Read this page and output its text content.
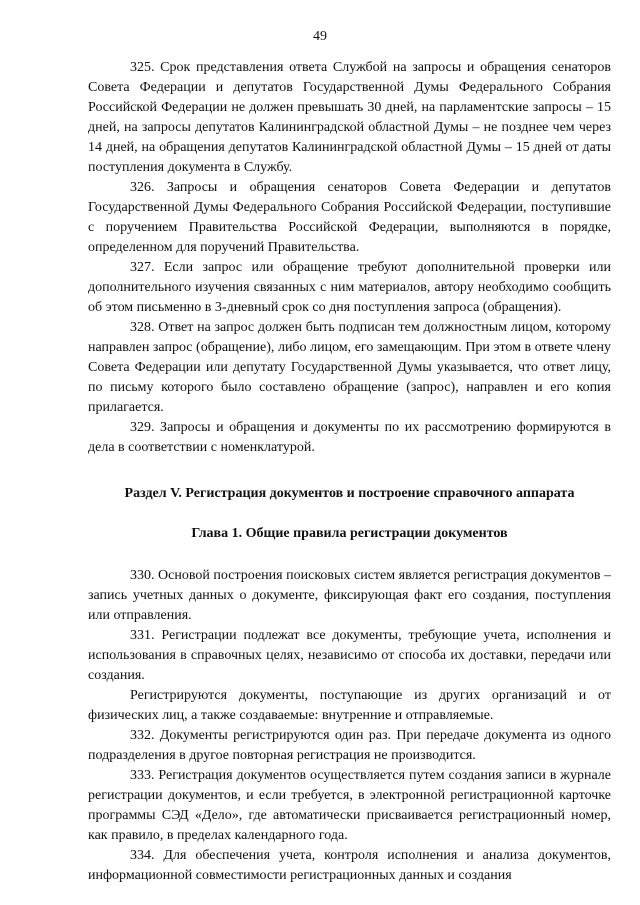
49

325. Срок представления ответа Службой на запросы и обращения сенаторов Совета Федерации и депутатов Государственной Думы Федерального Собрания Российской Федерации не должен превышать 30 дней, на парламентские запросы – 15 дней, на запросы депутатов Калининградской областной Думы – не позднее чем через 14 дней, на обращения депутатов Калининградской областной Думы – 15 дней от даты поступления документа в Службу.

326. Запросы и обращения сенаторов Совета Федерации и депутатов Государственной Думы Федерального Собрания Российской Федерации, поступившие с поручением Правительства Российской Федерации, выполняются в порядке, определенном для поручений Правительства.

327. Если запрос или обращение требуют дополнительной проверки или дополнительного изучения связанных с ним материалов, автору необходимо сообщить об этом письменно в 3-дневный срок со дня поступления запроса (обращения).

328. Ответ на запрос должен быть подписан тем должностным лицом, которому направлен запрос (обращение), либо лицом, его замещающим. При этом в ответе члену Совета Федерации или депутату Государственной Думы указывается, что ответ лицу, по письму которого было составлено обращение (запрос), направлен и его копия прилагается.

329. Запросы и обращения и документы по их рассмотрению формируются в дела в соответствии с номенклатурой.

Раздел V. Регистрация документов и построение справочного аппарата
Глава 1. Общие правила регистрации документов

330. Основой построения поисковых систем является регистрация документов – запись учетных данных о документе, фиксирующая факт его создания, поступления или отправления.

331. Регистрации подлежат все документы, требующие учета, исполнения и использования в справочных целях, независимо от способа их доставки, передачи или создания.

Регистрируются документы, поступающие из других организаций и от физических лиц, а также создаваемые: внутренние и отправляемые.

332. Документы регистрируются один раз. При передаче документа из одного подразделения в другое повторная регистрация не производится.

333. Регистрация документов осуществляется путем создания записи в журнале регистрации документов, и если требуется, в электронной регистрационной карточке программы СЭД «Дело», где автоматически присваивается регистрационный номер, как правило, в пределах календарного года.

334. Для обеспечения учета, контроля исполнения и анализа документов, информационной совместимости регистрационных данных и создания
